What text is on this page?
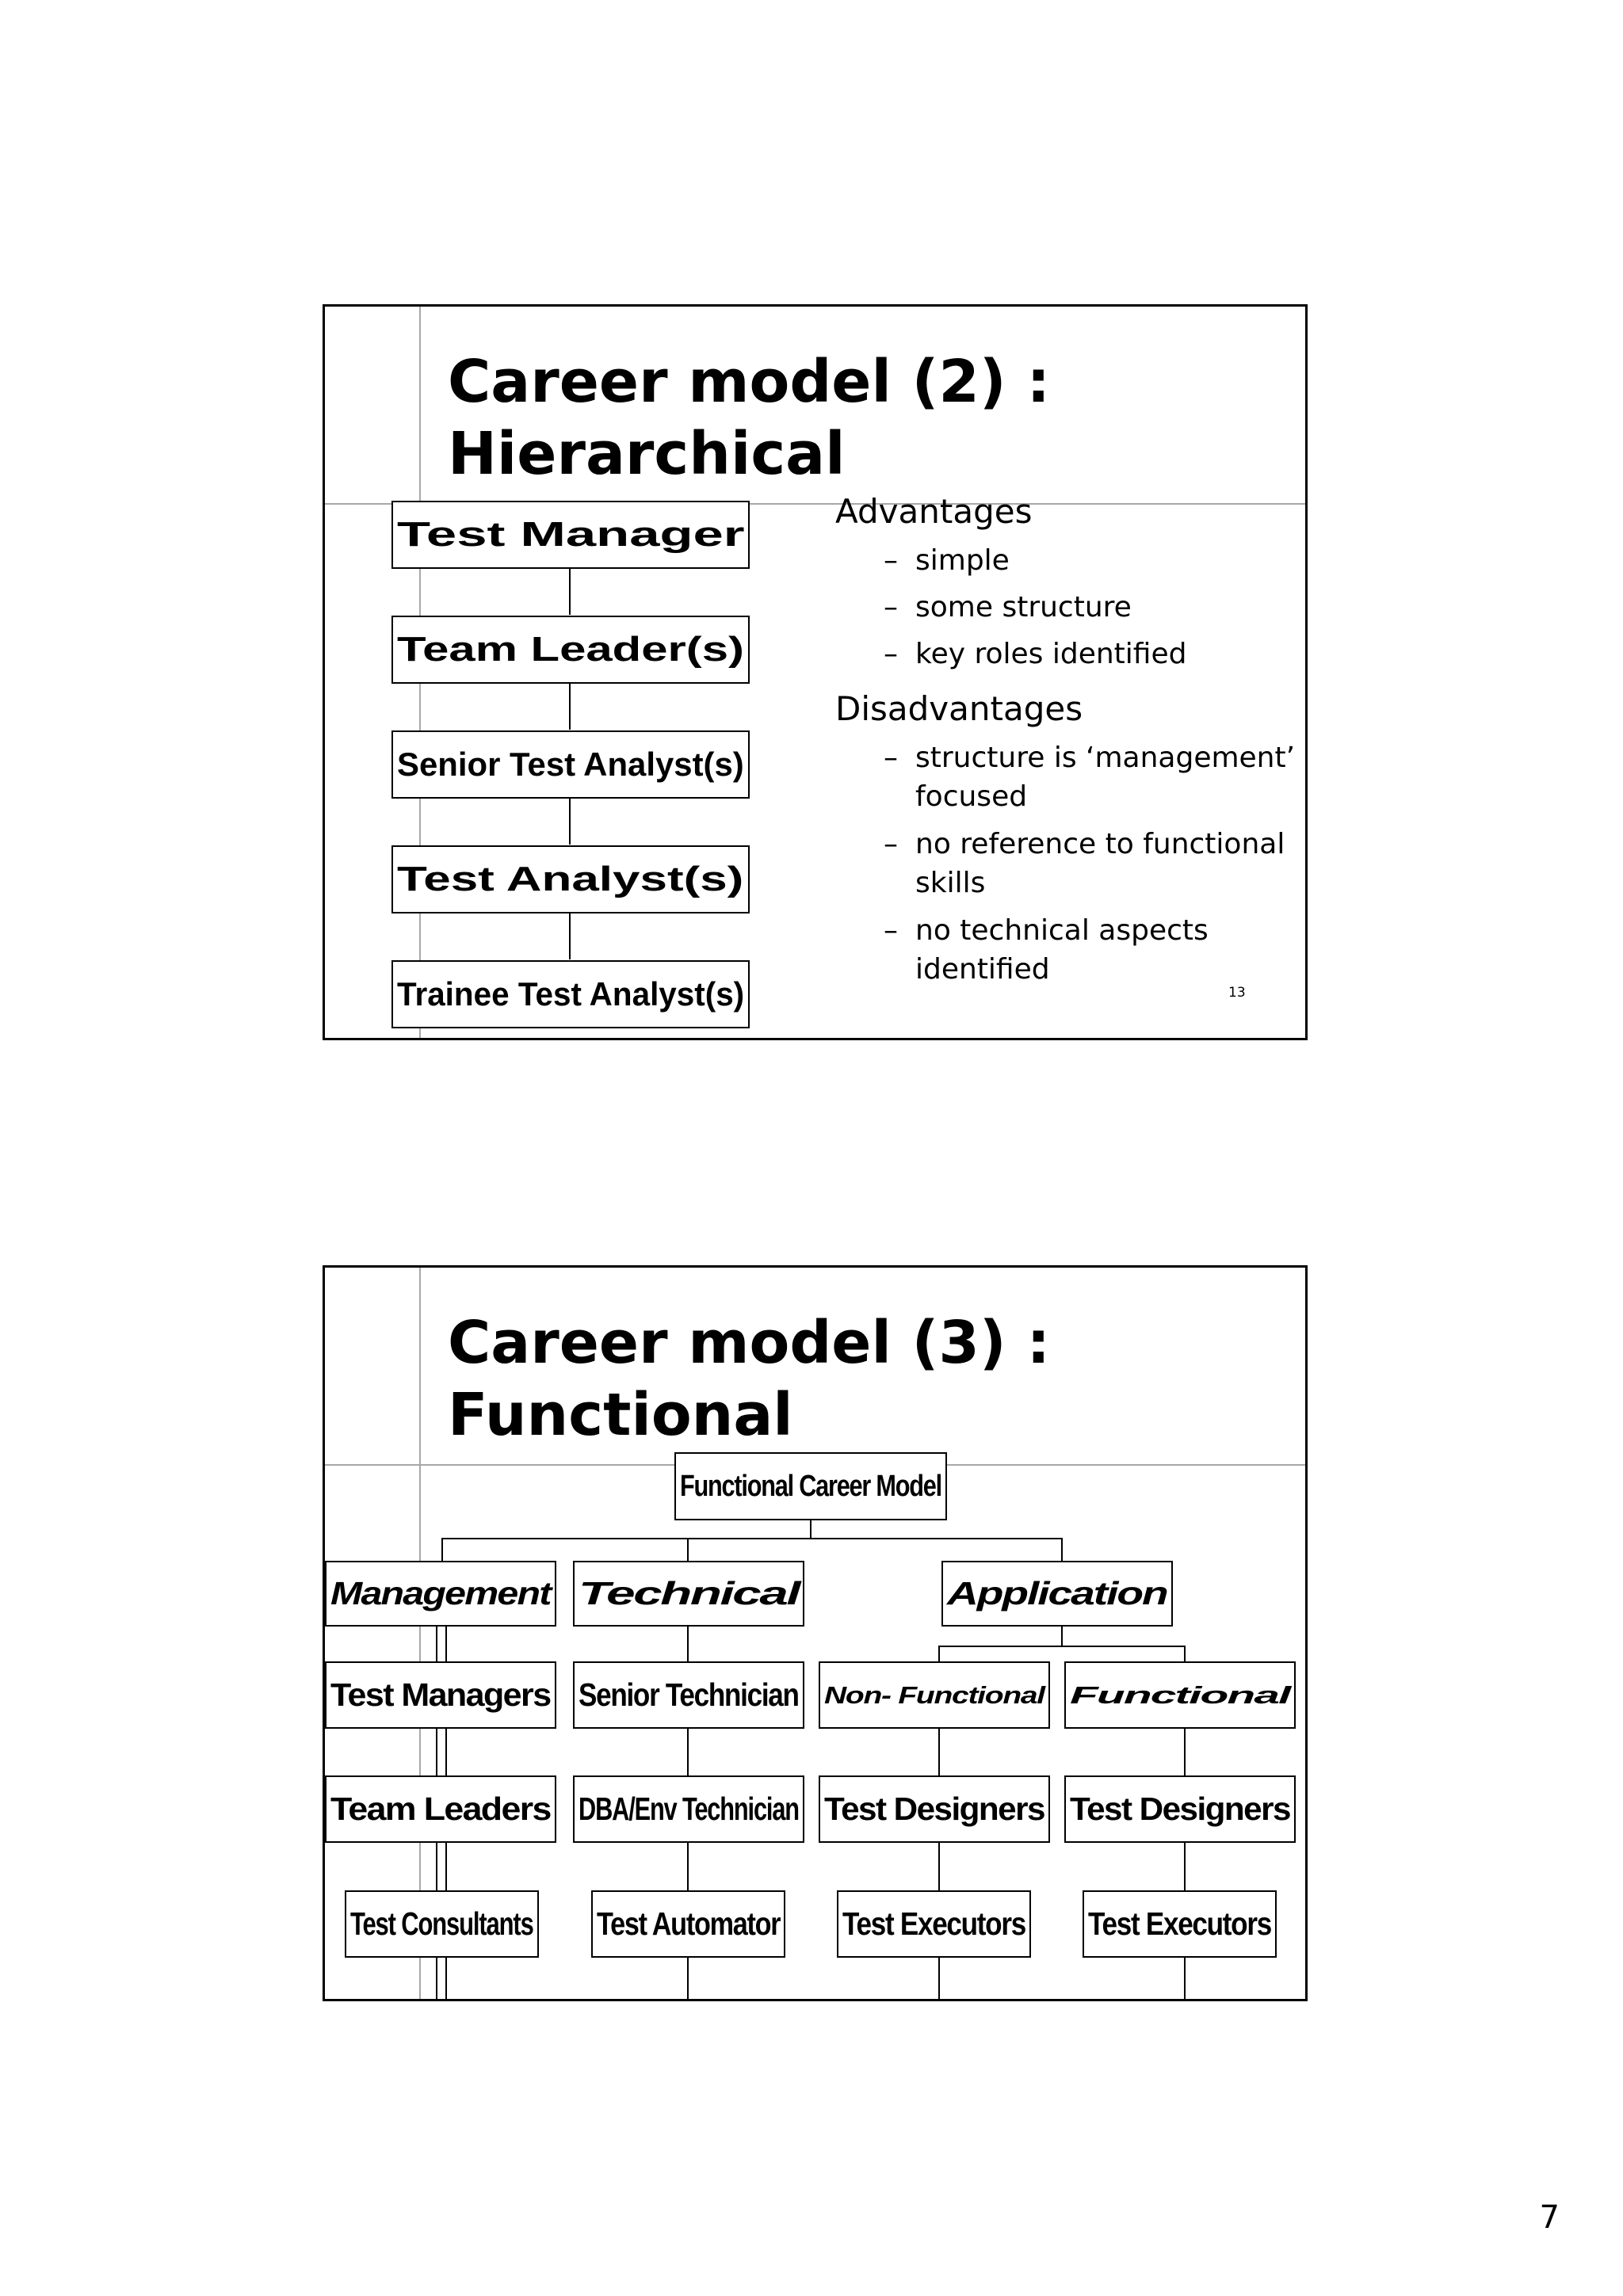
Career model (2) :
Hierarchical
Test Manager
Team Leader(s)
Senior Test Analyst(s)
Test Analyst(s)
Trainee Test Analyst(s)
Advantages
– simple
– some structure
– key roles identified
Disadvantages
– structure is ‘management’
focused
– no reference to functional
skills
– no technical aspects
identified
13
Career model (3) :
Functional
Functional Career Model
Management Technical	Application
Test Managers Senior Technician Non- Functional Functional
Team Leaders DBA/Env Technician Test Designers Test Designers
Test Consultants Test Automator Test Executors Test Executors
7
